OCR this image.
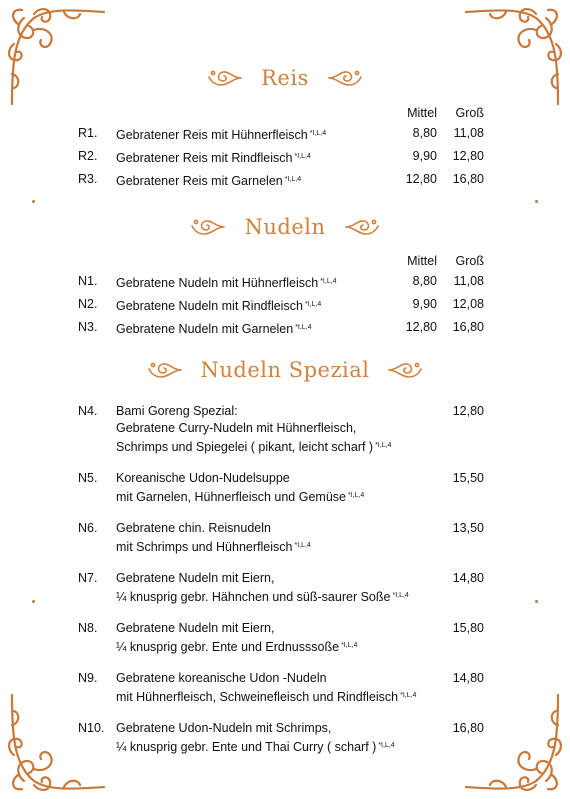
Reis
Mittel Groß
R1. Gebratener Reis mit Hühnerfleisch $^{*I,L,4}$	8,80 11,08
R2. Gebratener Reis mit Rindfleisch $^{*I,L,4}$	9,90 12,80
R3. Gebratener Reis mit Garnelen $^{*I,L,4}$	12,80 16,80
Nudeln
Mittel Groß
N1. Gebratene Nudeln mit Hühnerfleisch $^{*I,L,4}$	8,80 11,08
N2. Gebratene Nudeln mit Rindfleisch $^{*I,L,4}$	9,90 12,08
N3. Gebratene Nudeln mit Garnelen $^{*I,L,4}$	12,80 16,80
Nudeln Spezial
N4. Bami Goreng Spezial:	12,80
Gebratene Curry-Nudeln mit Hühnerfleisch,
Schrimps und Spiegelei ( pikant, leicht scharf ) $^{*I,L,4}$
N5. Koreanische Udon-Nudelsuppe	15,50
mit Garnelen, Hühnerfleisch und Gemüse $^{*I,L,4}$
N6. Gebratene chin. Reisnudeln	13,50
mit Schrimps und Hühnerfleisch $^{*I,L,4}$
N7. Gebratene Nudeln mit Eiern,	14,80
¼ knusprig gebr. Hähnchen und süß-saurer Soße $^{*I,L,4}$
N8. Gebratene Nudeln mit Eiern,	15,80
¼ knusprig gebr. Ente und Erdnusssoße $^{*I,L,4}$
N9. Gebratene koreanische Udon -Nudeln	14,80
mit Hühnerfleisch, Schweinefleisch und Rindfleisch $^{*I,L,4}$
N10. Gebratene Udon-Nudeln mit Schrimps,	16,80
¼ knusprig gebr. Ente und Thai Curry ( scharf ) $^{*I,L,4}$
